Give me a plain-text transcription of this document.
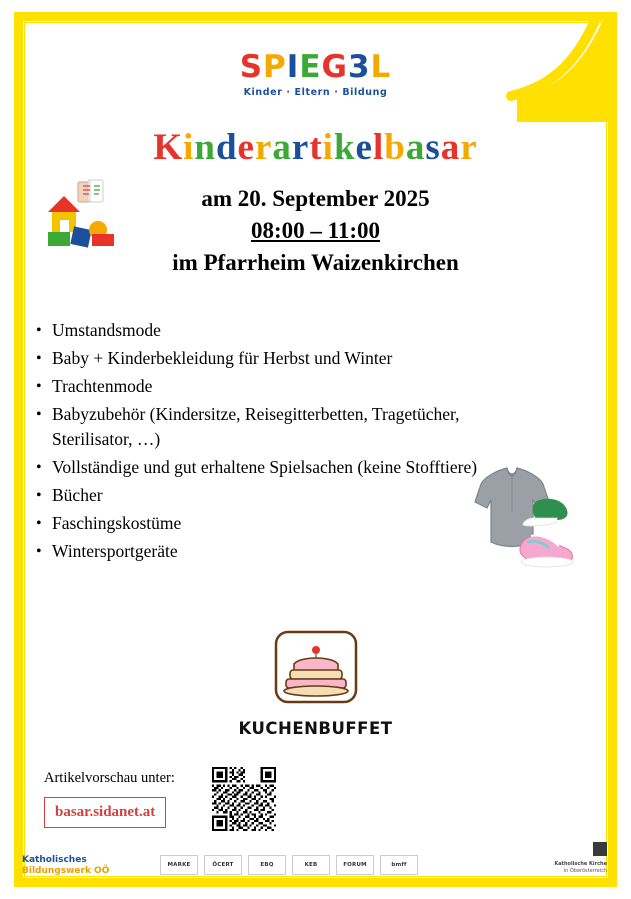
SPIEG3L
Kinder · Eltern · Bildung
Kinderartikelbasar
am 20. September 2025
08:00 – 11:00
im Pfarrheim Waizenkirchen
• Umstandsmode
• Baby + Kinderbekleidung für Herbst und Winter
• Trachtenmode
• Babyzubehör (Kindersitze, Reisegitterbetten, Tragetücher, Sterilisator, …)
• Vollständige und gut erhaltene Spielsachen (keine Stofftiere)
• Bücher
• Faschingskostüme
• Wintersportgeräte
KUCHENBUFFET
Artikelvorschau unter:
basar.sidanet.at
Katholisches
Bildungswerk OÖ
MARKE	ÖCERT	EBQ	KEB	FORUM	bmff	Katholische Kirche
in Oberösterreich
